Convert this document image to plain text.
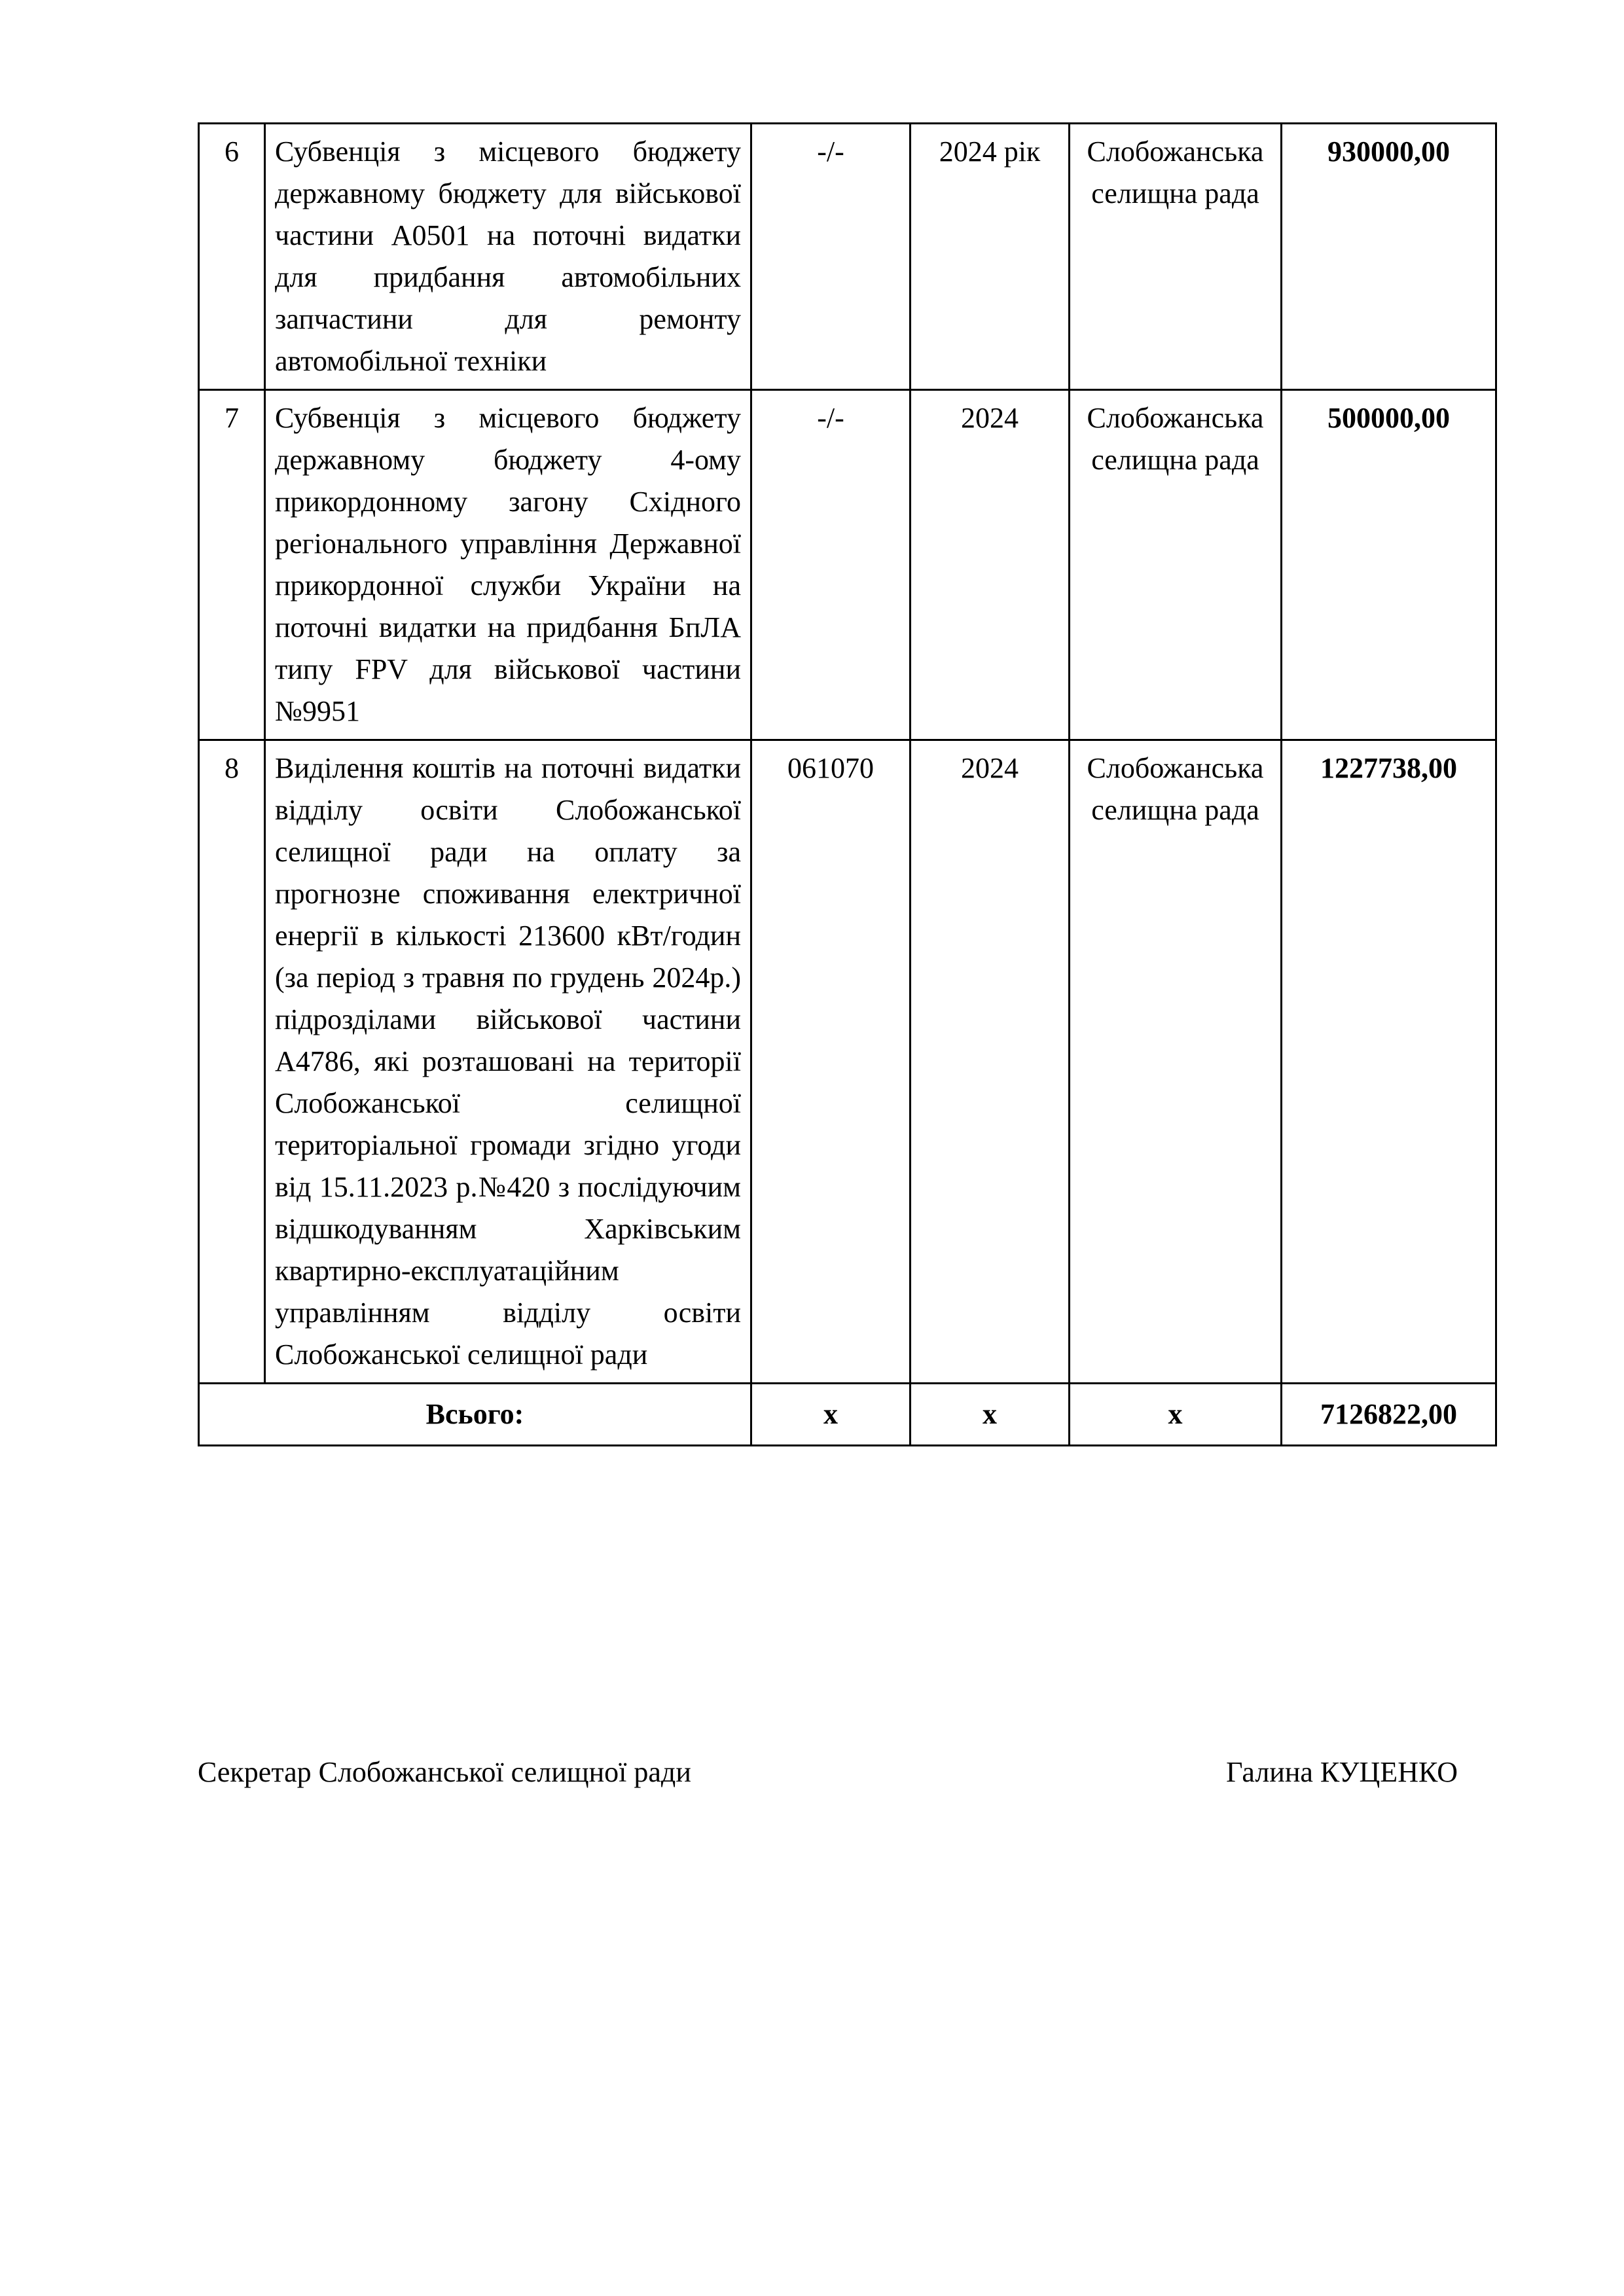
6	Субвенція з місцевого бюджету державному бюджету для військової частини А0501 на поточні видатки для придбання автомобільних запчастини для ремонту автомобільної техніки	-/-	2024 рік	Слобожанська селищна рада	930000,00
7	Субвенція з місцевого бюджету державному бюджету 4-ому прикордонному загону Східного регіонального управління Державної прикордонної служби України на поточні видатки на придбання БпЛА типу FPV для військової частини №9951	-/-	2024	Слобожанська селищна рада	500000,00
8	Виділення коштів на поточні видатки відділу освіти Слобожанської селищної ради на оплату за прогнозне споживання електричної енергії в кількості 213600 кВт/годин (за період з травня по грудень 2024р.) підрозділами військової частини А4786, які розташовані на території Слобожанської селищної територіальної громади згідно угоди від 15.11.2023 р.№420 з послідуючим відшкодуванням Харківським квартирно-експлуатаційним управлінням відділу освіти Слобожанської селищної ради	061070	2024	Слобожанська селищна рада	1227738,00
Всього:		x	x	x	7126822,00
Секретар Слобожанської селищної ради	Галина КУЦЕНКО
